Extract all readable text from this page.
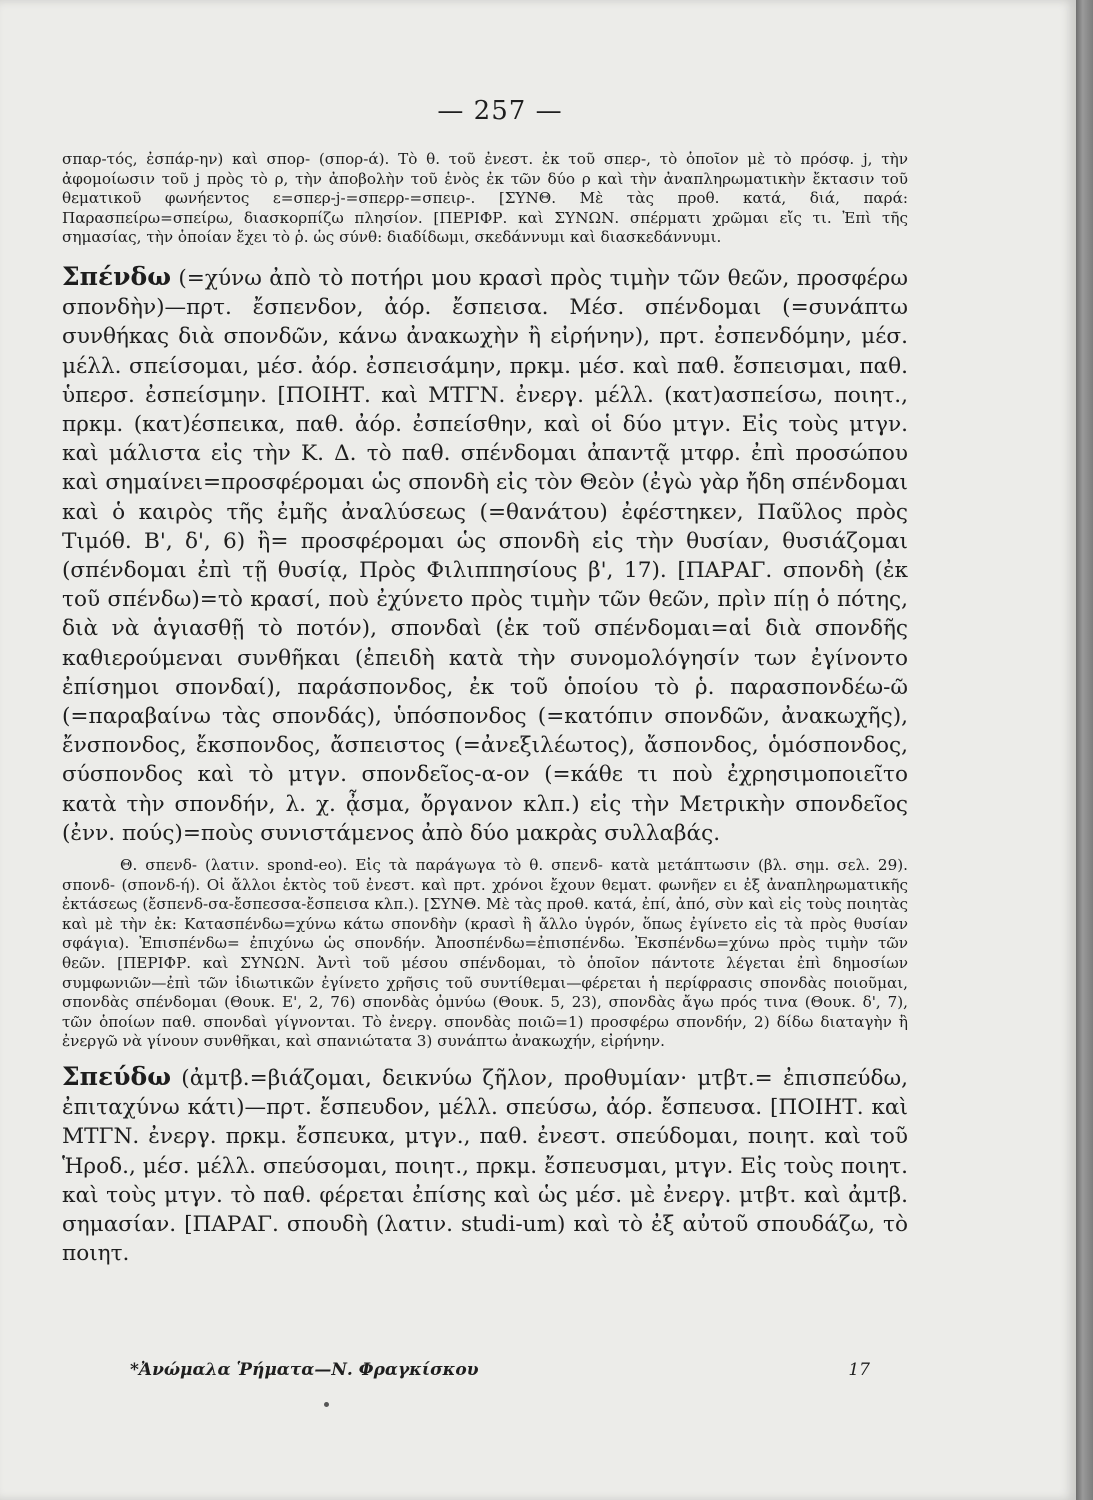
— 257 —

σπαρ-τός, ἐσπάρ-ην) καὶ σπορ- (σπορ-ά). Τὸ θ. τοῦ ἐνεστ. ἐκ τοῦ σπερ-, τὸ ὁποῖον μὲ τὸ πρόσφ. j, τὴν ἀφομοίωσιν τοῦ j πρὸς τὸ ρ, τὴν ἀποβολὴν τοῦ ἑνὸς ἐκ τῶν δύο ρ καὶ τὴν ἀναπληρωματικὴν ἔκτασιν τοῦ θεματικοῦ φωνήεντος ε=σπερ-j-=σπερρ-=σπειρ-. [ΣΥΝΘ. Μὲ τὰς προθ. κατά, διά, παρά: Παρασπείρω=σπείρω, διασκορπίζω πλησίον. [ΠΕΡΙΦΡ. καὶ ΣΥΝΩΝ. σπέρματι χρῶμαι εἴς τι. Ἐπὶ τῆς σημασίας, τὴν ὁποίαν ἔχει τὸ ῥ. ὡς σύνθ: διαδίδωμι, σκεδάννυμι καὶ διασκεδάννυμι.

Σπένδω (=χύνω ἀπὸ τὸ ποτήρι μου κρασὶ πρὸς τιμὴν τῶν θεῶν, προσφέρω σπονδὴν)—πρτ. ἔσπενδον, ἀόρ. ἔσπεισα. Μέσ. σπένδομαι (=συνάπτω συνθήκας διὰ σπονδῶν, κάνω ἀνακωχὴν ἢ εἰρήνην), πρτ. ἐσπενδόμην, μέσ. μέλλ. σπείσομαι, μέσ. ἀόρ. ἐσπεισάμην, πρκμ. μέσ. καὶ παθ. ἔσπεισμαι, παθ. ὑπερσ. ἐσπείσμην. [ΠΟΙΗΤ. καὶ ΜΤΓΝ. ἐνεργ. μέλλ. (κατ)ασπείσω, ποιητ., πρκμ. (κατ)έσπεικα, παθ. ἀόρ. ἐσπείσθην, καὶ οἱ δύο μτγν. Εἰς τοὺς μτγν. καὶ μάλιστα εἰς τὴν Κ. Δ. τὸ παθ. σπένδομαι ἀπαντᾷ μτφρ. ἐπὶ προσώπου καὶ σημαίνει=προσφέρομαι ὡς σπονδὴ εἰς τὸν Θεὸν (ἐγὼ γὰρ ἤδη σπένδομαι καὶ ὁ καιρὸς τῆς ἐμῆς ἀναλύσεως (=θανάτου) ἐφέστηκεν, Παῦλος πρὸς Τιμόθ. Β', δ', 6) ἢ= προσφέρομαι ὡς σπονδὴ εἰς τὴν θυσίαν, θυσιάζομαι (σπένδομαι ἐπὶ τῇ θυσίᾳ, Πρὸς Φιλιππησίους β', 17). [ΠΑΡΑΓ. σπονδὴ (ἐκ τοῦ σπένδω)=τὸ κρασί, ποὺ ἐχύνετο πρὸς τιμὴν τῶν θεῶν, πρὶν πίῃ ὁ πότης, διὰ νὰ ἁγιασθῇ τὸ ποτόν), σπονδαὶ (ἐκ τοῦ σπένδομαι=αἱ διὰ σπονδῆς καθιερούμεναι συνθῆκαι (ἐπειδὴ κατὰ τὴν συνομολόγησίν των ἐγίνοντο ἐπίσημοι σπονδαί), παράσπονδος, ἐκ τοῦ ὁποίου τὸ ῥ. παρασπονδέω-ῶ (=παραβαίνω τὰς σπονδάς), ὑπόσπονδος (=κατόπιν σπονδῶν, ἀνακωχῆς), ἔνσπονδος, ἔκσπονδος, ἄσπειστος (=ἀνεξιλέωτος), ἄσπονδος, ὁμόσπονδος, σύσπονδος καὶ τὸ μτγν. σπονδεῖος-α-ον (=κάθε τι ποὺ ἐχρησιμοποιεῖτο κατὰ τὴν σπονδήν, λ. χ. ᾆσμα, ὄργανον κλπ.) εἰς τὴν Μετρικὴν σπονδεῖος (ἐνν. πούς)=ποὺς συνιστάμενος ἀπὸ δύο μακρὰς συλλαβάς.

Θ. σπενδ- (λατιν. spond-eo). Εἰς τὰ παράγωγα τὸ θ. σπενδ- κατὰ μετάπτωσιν (βλ. σημ. σελ. 29). σπονδ- (σπονδ-ή). Οἱ ἄλλοι ἐκτὸς τοῦ ἐνεστ. καὶ πρτ. χρόνοι ἔχουν θεματ. φωνῆεν ει ἐξ ἀναπληρωματικῆς ἐκτάσεως (ἔσπενδ-σα-ἔσπεσσα-ἔσπεισα κλπ.). [ΣΥΝΘ. Μὲ τὰς προθ. κατά, ἐπί, ἀπό, σὺν καὶ εἰς τοὺς ποιητὰς καὶ μὲ τὴν ἐκ: Κατασπένδω=χύνω κάτω σπονδὴν (κρασὶ ἢ ἄλλο ὑγρόν, ὅπως ἐγίνετο εἰς τὰ πρὸς θυσίαν σφάγια). Ἐπισπένδω= ἐπιχύνω ὡς σπονδήν. Ἀποσπένδω=ἐπισπένδω. Ἐκσπένδω=χύνω πρὸς τιμὴν τῶν θεῶν. [ΠΕΡΙΦΡ. καὶ ΣΥΝΩΝ. Ἀντὶ τοῦ μέσου σπένδομαι, τὸ ὁποῖον πάντοτε λέγεται ἐπὶ δημοσίων συμφωνιῶν—ἐπὶ τῶν ἰδιωτικῶν ἐγίνετο χρῆσις τοῦ συντίθεμαι—φέρεται ἡ περίφρασις σπονδὰς ποιοῦμαι, σπονδὰς σπένδομαι (Θουκ. Ε', 2, 76) σπονδὰς ὀμνύω (Θουκ. 5, 23), σπονδὰς ἄγω πρός τινα (Θουκ. δ', 7), τῶν ὁποίων παθ. σπονδαὶ γίγνονται. Τὸ ἐνεργ. σπονδὰς ποιῶ=1) προσφέρω σπονδήν, 2) δίδω διαταγὴν ἢ ἐνεργῶ νὰ γίνουν συνθῆκαι, καὶ σπανιώτατα 3) συνάπτω ἀνακωχήν, εἰρήνην.

Σπεύδω (ἀμτβ.=βιάζομαι, δεικνύω ζῆλον, προθυμίαν· μτβτ.= ἐπισπεύδω, ἐπιταχύνω κάτι)—πρτ. ἔσπευδον, μέλλ. σπεύσω, ἀόρ. ἔσπευσα. [ΠΟΙΗΤ. καὶ ΜΤΓΝ. ἐνεργ. πρκμ. ἔσπευκα, μτγν., παθ. ἐνεστ. σπεύδομαι, ποιητ. καὶ τοῦ Ἡροδ., μέσ. μέλλ. σπεύσομαι, ποιητ., πρκμ. ἔσπευσμαι, μτγν. Εἰς τοὺς ποιητ. καὶ τοὺς μτγν. τὸ παθ. φέρεται ἐπίσης καὶ ὡς μέσ. μὲ ἐνεργ. μτβτ. καὶ ἀμτβ. σημασίαν. [ΠΑΡΑΓ. σπουδὴ (λατιν. studi-um) καὶ τὸ ἐξ αὐτοῦ σπουδάζω, τὸ ποιητ.

*Ἀνώμαλα Ῥήματα—Ν. Φραγκίσκου	17
